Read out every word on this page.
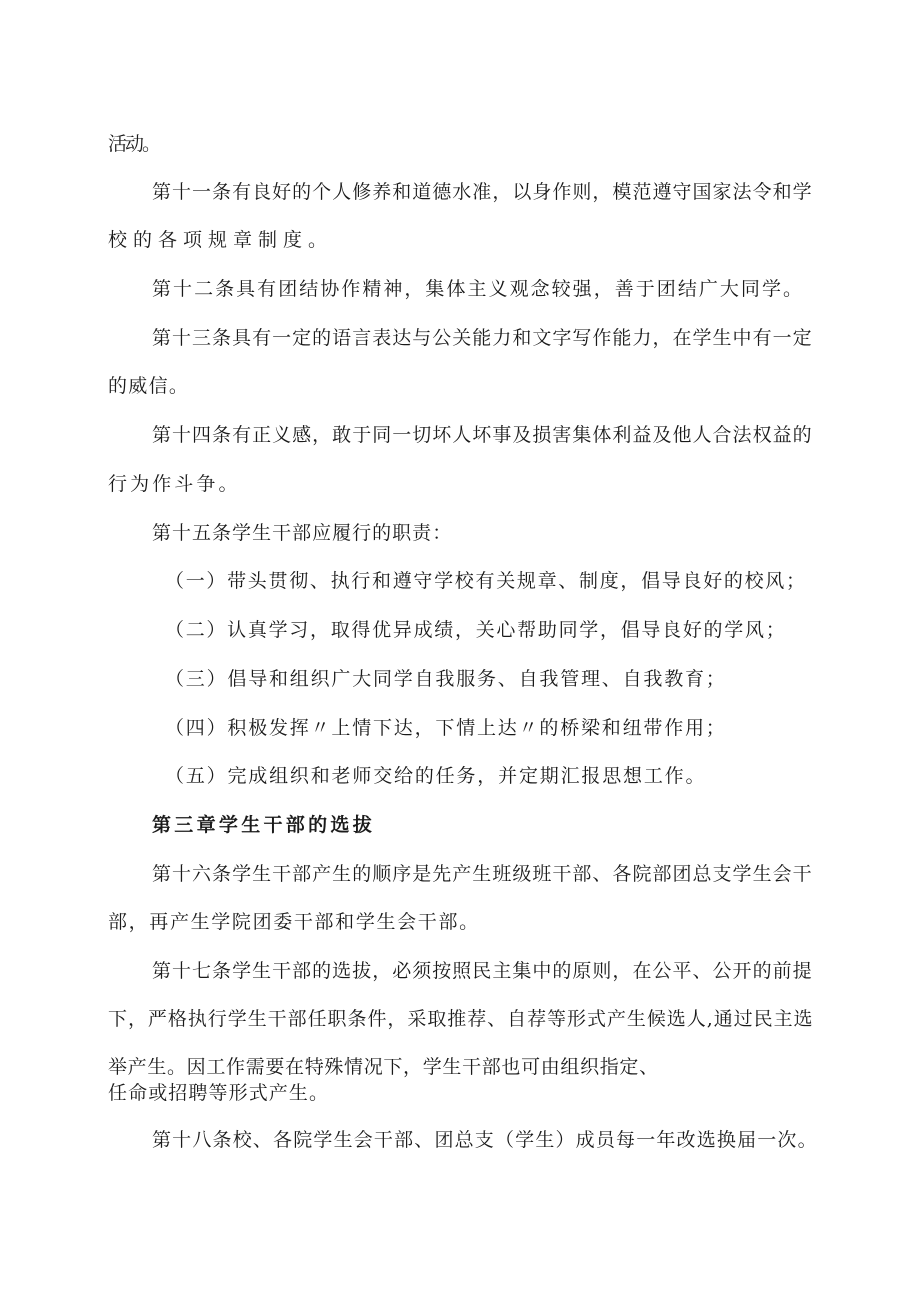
活动。
第十一条有良好的个人修养和道德水准，以身作则，模范遵守国家法令和学
校的各项规章制度。
第十二条具有团结协作精神，集体主义观念较强，善于团结广大同学。
第十三条具有一定的语言表达与公关能力和文字写作能力，在学生中有一定
的威信。
第十四条有正义感，敢于同一切坏人坏事及损害集体利益及他人合法权益的
行为作斗争。
第十五条学生干部应履行的职责：
（一）带头贯彻、执行和遵守学校有关规章、制度，倡导良好的校风；
（二）认真学习，取得优异成绩，关心帮助同学，倡导良好的学风；
（三）倡导和组织广大同学自我服务、自我管理、自我教育；
（四）积极发挥〃上情下达，下情上达〃的桥梁和纽带作用；
（五）完成组织和老师交给的任务，并定期汇报思想工作。
第三章学生干部的选拔
第十六条学生干部产生的顺序是先产生班级班干部、各院部团总支学生会干
部，再产生学院团委干部和学生会干部。
第十七条学生干部的选拔，必须按照民主集中的原则，在公平、公开的前提
下，严格执行学生干部任职条件，采取推荐、自荐等形式产生候选人,通过民主选
举产生。因工作需要在特殊情况下，学生干部也可由组织指定、
任命或招聘等形式产生。
第十八条校、各院学生会干部、团总支（学生）成员每一年改选换届一次。
